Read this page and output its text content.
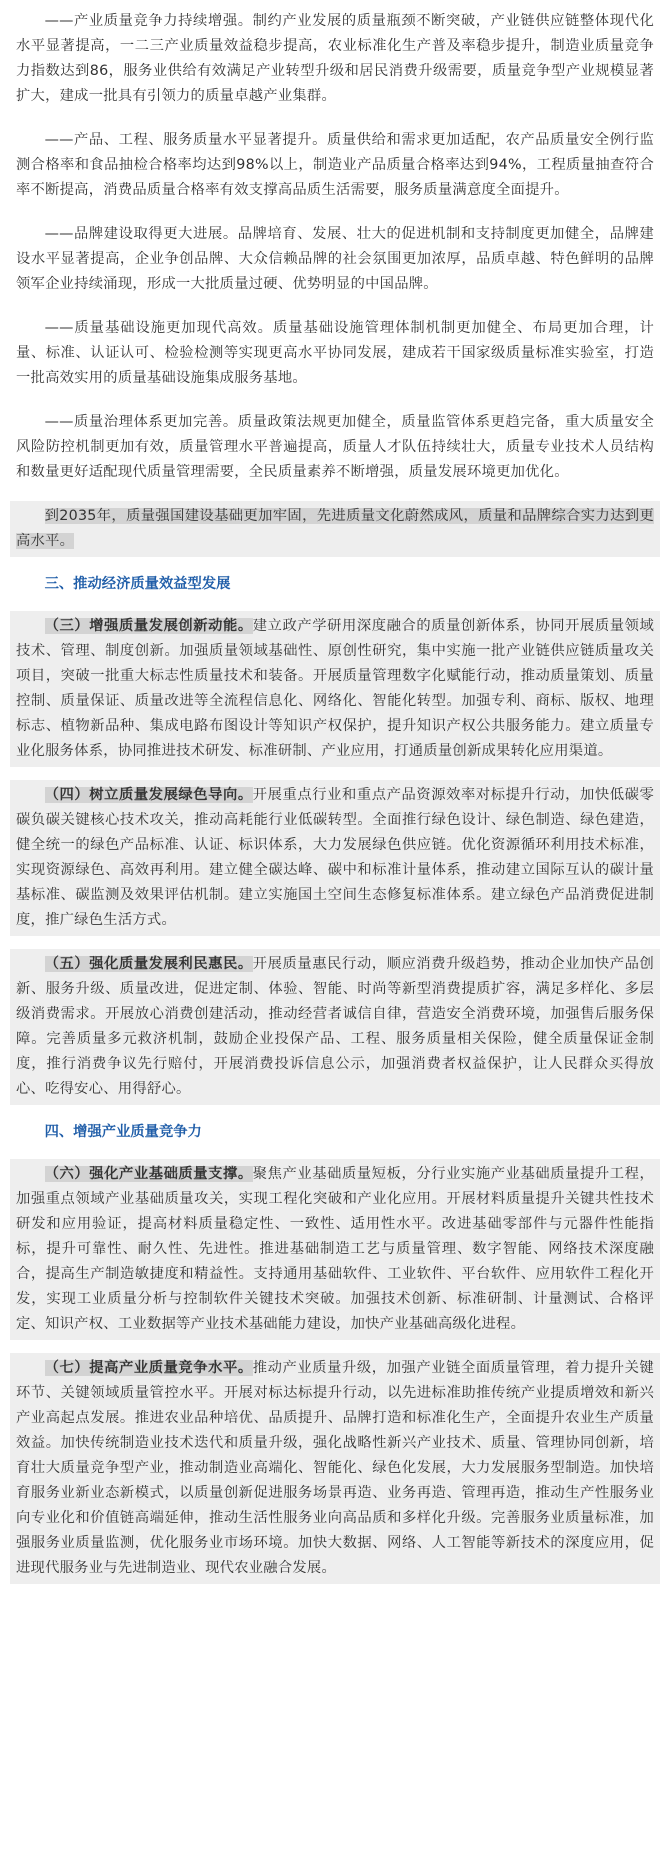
——产业质量竞争力持续增强。制约产业发展的质量瓶颈不断突破，产业链供应链整体现代化水平显著提高，一二三产业质量效益稳步提高，农业标准化生产普及率稳步提升，制造业质量竞争力指数达到86，服务业供给有效满足产业转型升级和居民消费升级需要，质量竞争型产业规模显著扩大，建成一批具有引领力的质量卓越产业集群。

——产品、工程、服务质量水平显著提升。质量供给和需求更加适配，农产品质量安全例行监测合格率和食品抽检合格率均达到98%以上，制造业产品质量合格率达到94%，工程质量抽查符合率不断提高，消费品质量合格率有效支撑高品质生活需要，服务质量满意度全面提升。

——品牌建设取得更大进展。品牌培育、发展、壮大的促进机制和支持制度更加健全，品牌建设水平显著提高，企业争创品牌、大众信赖品牌的社会氛围更加浓厚，品质卓越、特色鲜明的品牌领军企业持续涌现，形成一大批质量过硬、优势明显的中国品牌。

——质量基础设施更加现代高效。质量基础设施管理体制机制更加健全、布局更加合理，计量、标准、认证认可、检验检测等实现更高水平协同发展，建成若干国家级质量标准实验室，打造一批高效实用的质量基础设施集成服务基地。

——质量治理体系更加完善。质量政策法规更加健全，质量监管体系更趋完备，重大质量安全风险防控机制更加有效，质量管理水平普遍提高，质量人才队伍持续壮大，质量专业技术人员结构和数量更好适配现代质量管理需要，全民质量素养不断增强，质量发展环境更加优化。

到2035年，质量强国建设基础更加牢固，先进质量文化蔚然成风，质量和品牌综合实力达到更高水平。

三、推动经济质量效益型发展

（三）增强质量发展创新动能。建立政产学研用深度融合的质量创新体系，协同开展质量领域技术、管理、制度创新。加强质量领域基础性、原创性研究，集中实施一批产业链供应链质量攻关项目，突破一批重大标志性质量技术和装备。开展质量管理数字化赋能行动，推动质量策划、质量控制、质量保证、质量改进等全流程信息化、网络化、智能化转型。加强专利、商标、版权、地理标志、植物新品种、集成电路布图设计等知识产权保护，提升知识产权公共服务能力。建立质量专业化服务体系，协同推进技术研发、标准研制、产业应用，打通质量创新成果转化应用渠道。

（四）树立质量发展绿色导向。开展重点行业和重点产品资源效率对标提升行动，加快低碳零碳负碳关键核心技术攻关，推动高耗能行业低碳转型。全面推行绿色设计、绿色制造、绿色建造，健全统一的绿色产品标准、认证、标识体系，大力发展绿色供应链。优化资源循环利用技术标准，实现资源绿色、高效再利用。建立健全碳达峰、碳中和标准计量体系，推动建立国际互认的碳计量基标准、碳监测及效果评估机制。建立实施国土空间生态修复标准体系。建立绿色产品消费促进制度，推广绿色生活方式。

（五）强化质量发展利民惠民。开展质量惠民行动，顺应消费升级趋势，推动企业加快产品创新、服务升级、质量改进，促进定制、体验、智能、时尚等新型消费提质扩容，满足多样化、多层级消费需求。开展放心消费创建活动，推动经营者诚信自律，营造安全消费环境，加强售后服务保障。完善质量多元救济机制，鼓励企业投保产品、工程、服务质量相关保险，健全质量保证金制度，推行消费争议先行赔付，开展消费投诉信息公示，加强消费者权益保护，让人民群众买得放心、吃得安心、用得舒心。

四、增强产业质量竞争力

（六）强化产业基础质量支撑。聚焦产业基础质量短板，分行业实施产业基础质量提升工程，加强重点领域产业基础质量攻关，实现工程化突破和产业化应用。开展材料质量提升关键共性技术研发和应用验证，提高材料质量稳定性、一致性、适用性水平。改进基础零部件与元器件性能指标，提升可靠性、耐久性、先进性。推进基础制造工艺与质量管理、数字智能、网络技术深度融合，提高生产制造敏捷度和精益性。支持通用基础软件、工业软件、平台软件、应用软件工程化开发，实现工业质量分析与控制软件关键技术突破。加强技术创新、标准研制、计量测试、合格评定、知识产权、工业数据等产业技术基础能力建设，加快产业基础高级化进程。

（七）提高产业质量竞争水平。推动产业质量升级，加强产业链全面质量管理，着力提升关键环节、关键领域质量管控水平。开展对标达标提升行动，以先进标准助推传统产业提质增效和新兴产业高起点发展。推进农业品种培优、品质提升、品牌打造和标准化生产，全面提升农业生产质量效益。加快传统制造业技术迭代和质量升级，强化战略性新兴产业技术、质量、管理协同创新，培育壮大质量竞争型产业，推动制造业高端化、智能化、绿色化发展，大力发展服务型制造。加快培育服务业新业态新模式，以质量创新促进服务场景再造、业务再造、管理再造，推动生产性服务业向专业化和价值链高端延伸，推动生活性服务业向高品质和多样化升级。完善服务业质量标准，加强服务业质量监测，优化服务业市场环境。加快大数据、网络、人工智能等新技术的深度应用，促进现代服务业与先进制造业、现代农业融合发展。
